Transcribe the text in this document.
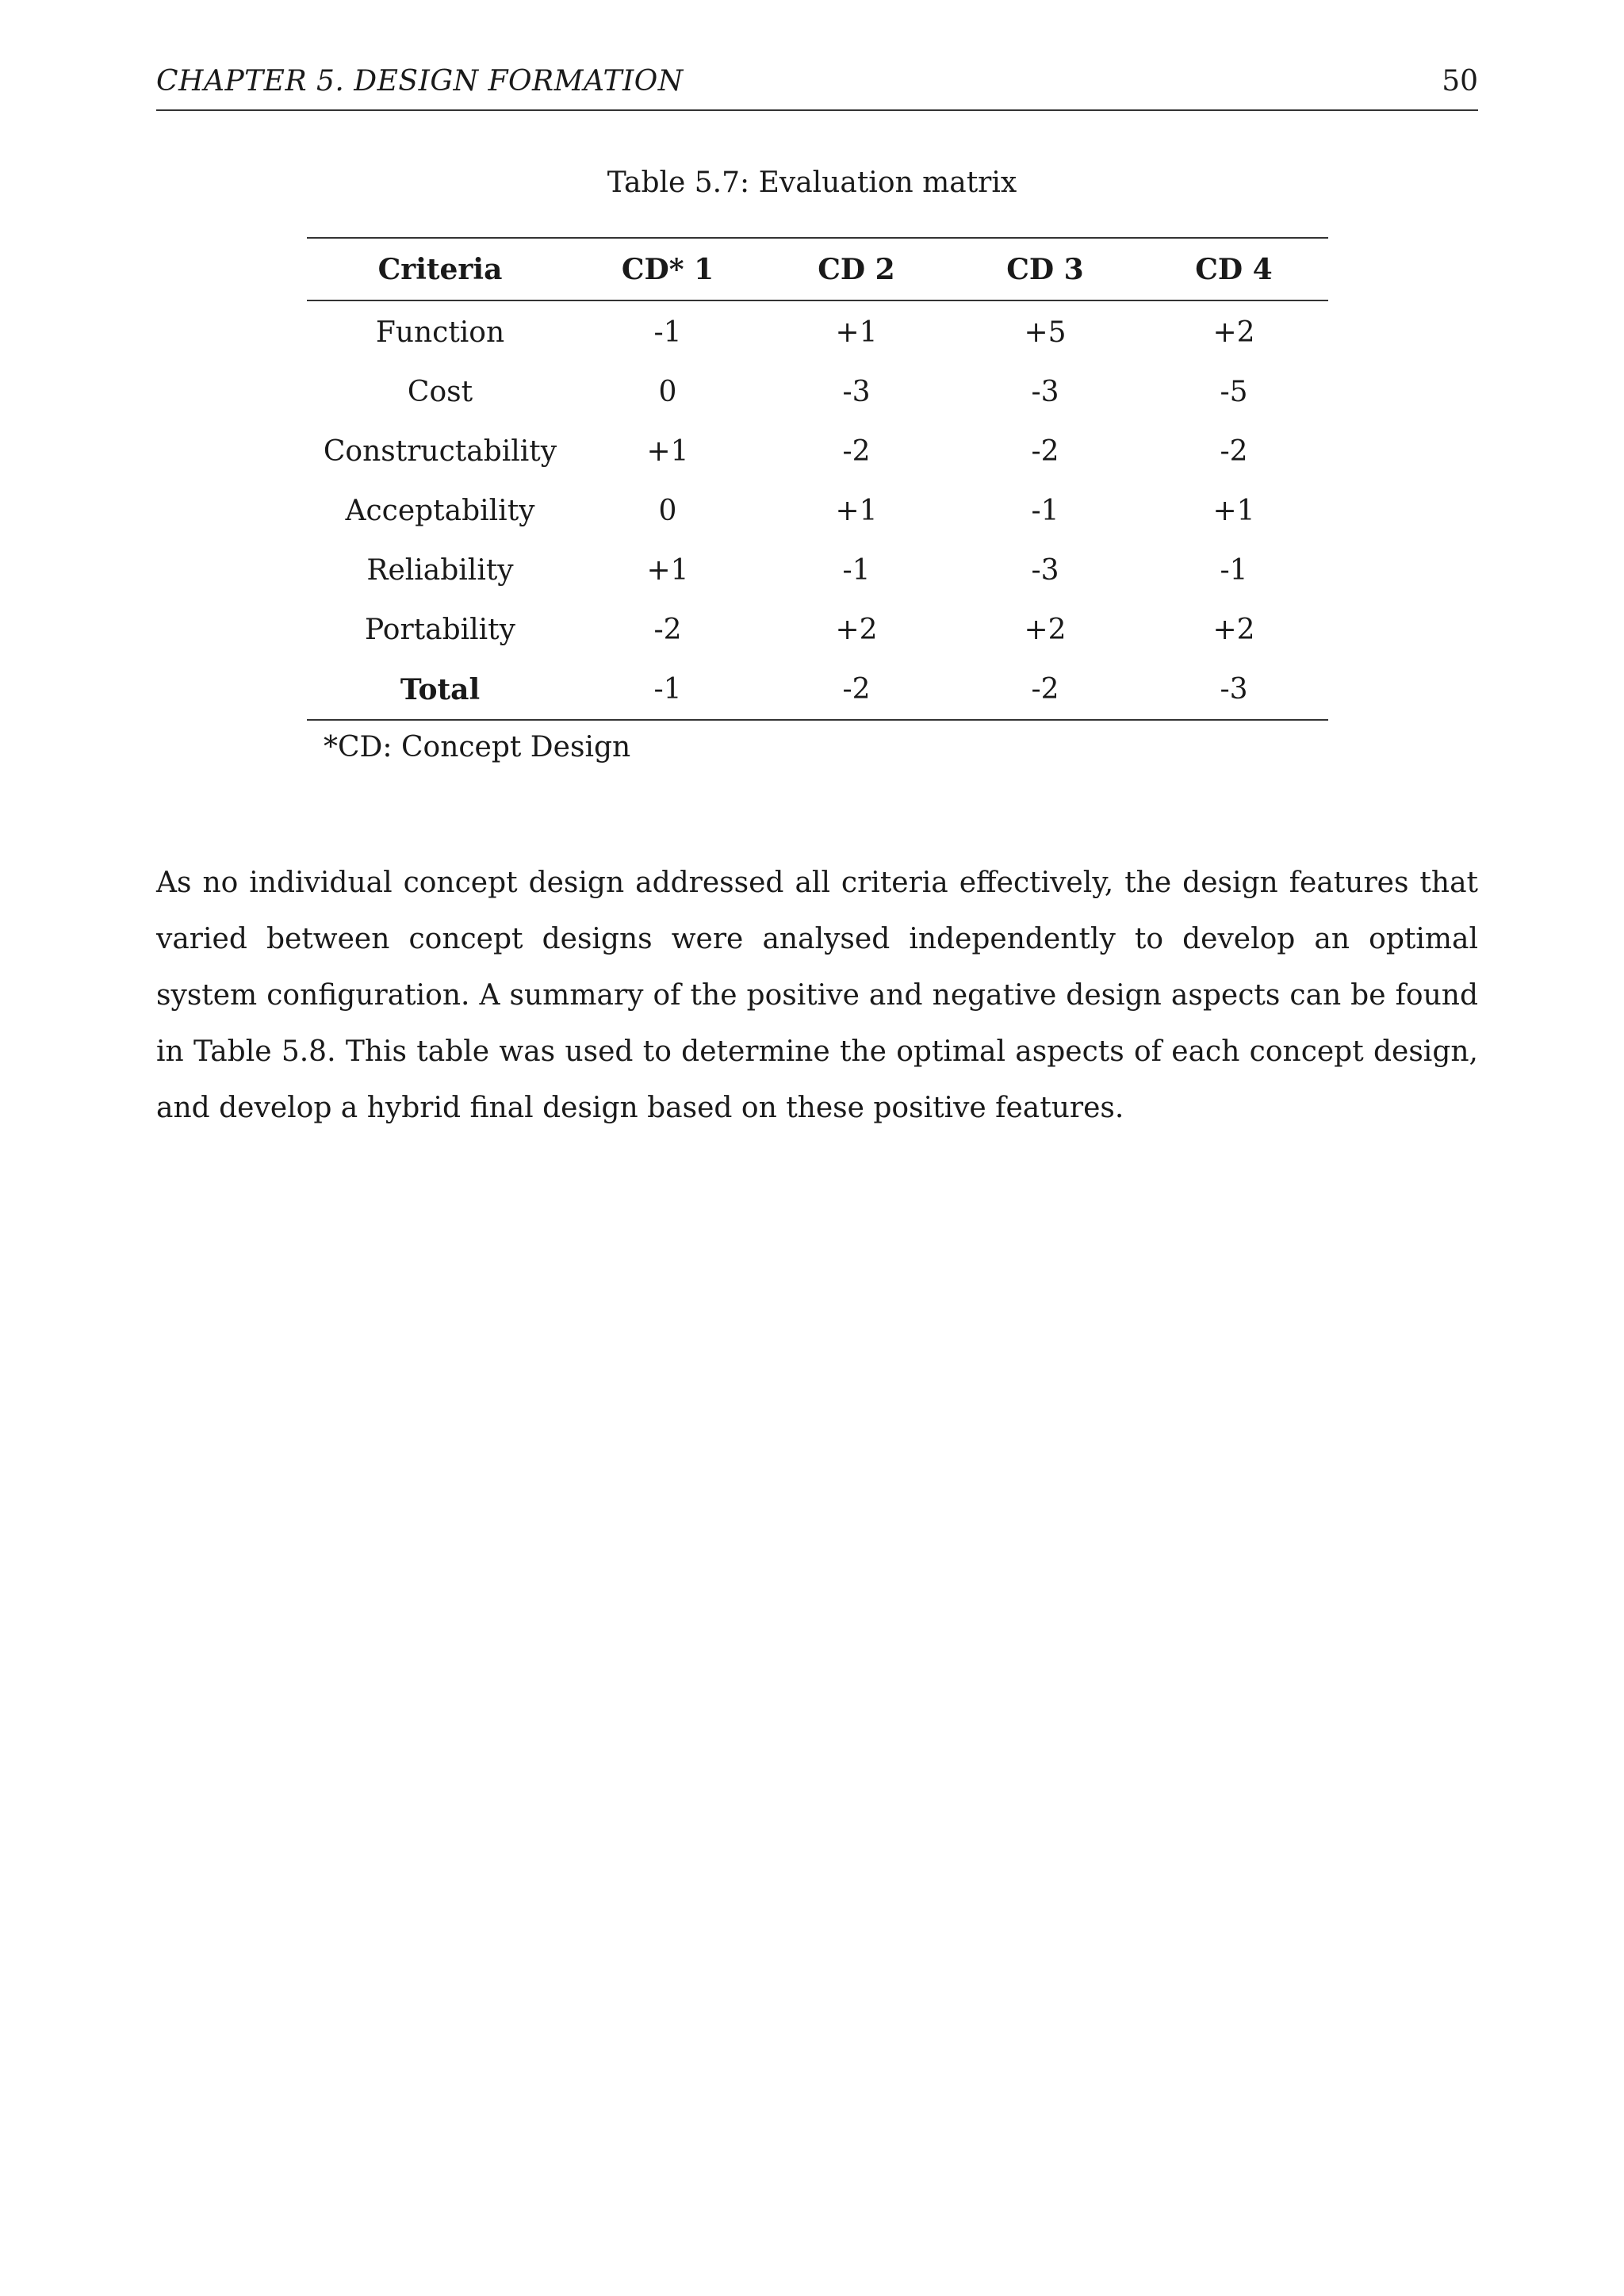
CHAPTER 5. DESIGN FORMATION	50
Table 5.7: Evaluation matrix
Criteria	CD* 1	CD 2	CD 3	CD 4
Function	-1	+1	+5	+2
Cost	0	-3	-3	-5
Constructability	+1	-2	-2	-2
Acceptability	0	+1	-1	+1
Reliability	+1	-1	-3	-1
Portability	-2	+2	+2	+2
Total	-1	-2	-2	-3
*CD: Concept Design

As no individual concept design addressed all criteria effectively, the design features that varied between concept designs were analysed independently to develop an optimal system configuration. A summary of the positive and negative design aspects can be found in Table 5.8. This table was used to determine the optimal aspects of each concept design, and develop a hybrid final design based on these positive features.
